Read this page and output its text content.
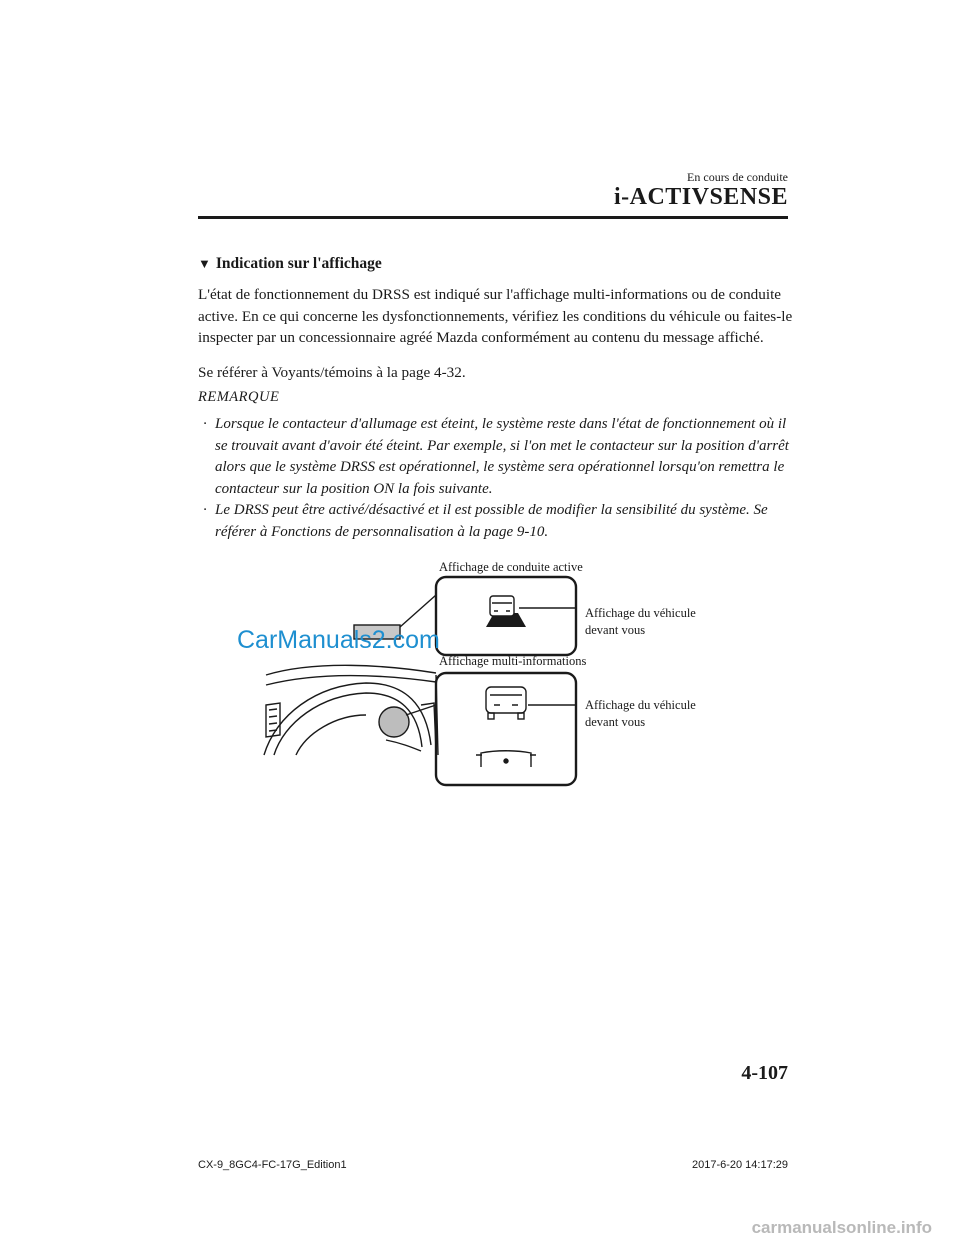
En cours de conduite
i-ACTIVSENSE
▼ Indication sur l'affichage
L'état de fonctionnement du DRSS est indiqué sur l'affichage multi-informations ou de conduite active. En ce qui concerne les dysfonctionnements, vérifiez les conditions du véhicule ou faites-le inspecter par un concessionnaire agréé Mazda conformément au contenu du message affiché.
Se référer à Voyants/témoins à la page 4-32.
REMARQUE
· Lorsque le contacteur d'allumage est éteint, le système reste dans l'état de fonctionnement où il se trouvait avant d'avoir été éteint. Par exemple, si l'on met le contacteur sur la position d'arrêt alors que le système DRSS est opérationnel, le système sera opérationnel lorsqu'on remettra le contacteur sur la position ON la fois suivante.
· Le DRSS peut être activé/désactivé et il est possible de modifier la sensibilité du système. Se référer à Fonctions de personnalisation à la page 9-10.
Affichage de conduite active
Affichage multi-informations
Affichage du véhicule
devant vous
Affichage du véhicule
devant vous
CarManuals2.com
4-107
CX-9_8GC4-FC-17G_Edition1	2017-6-20 14:17:29
carmanualsonline.info
